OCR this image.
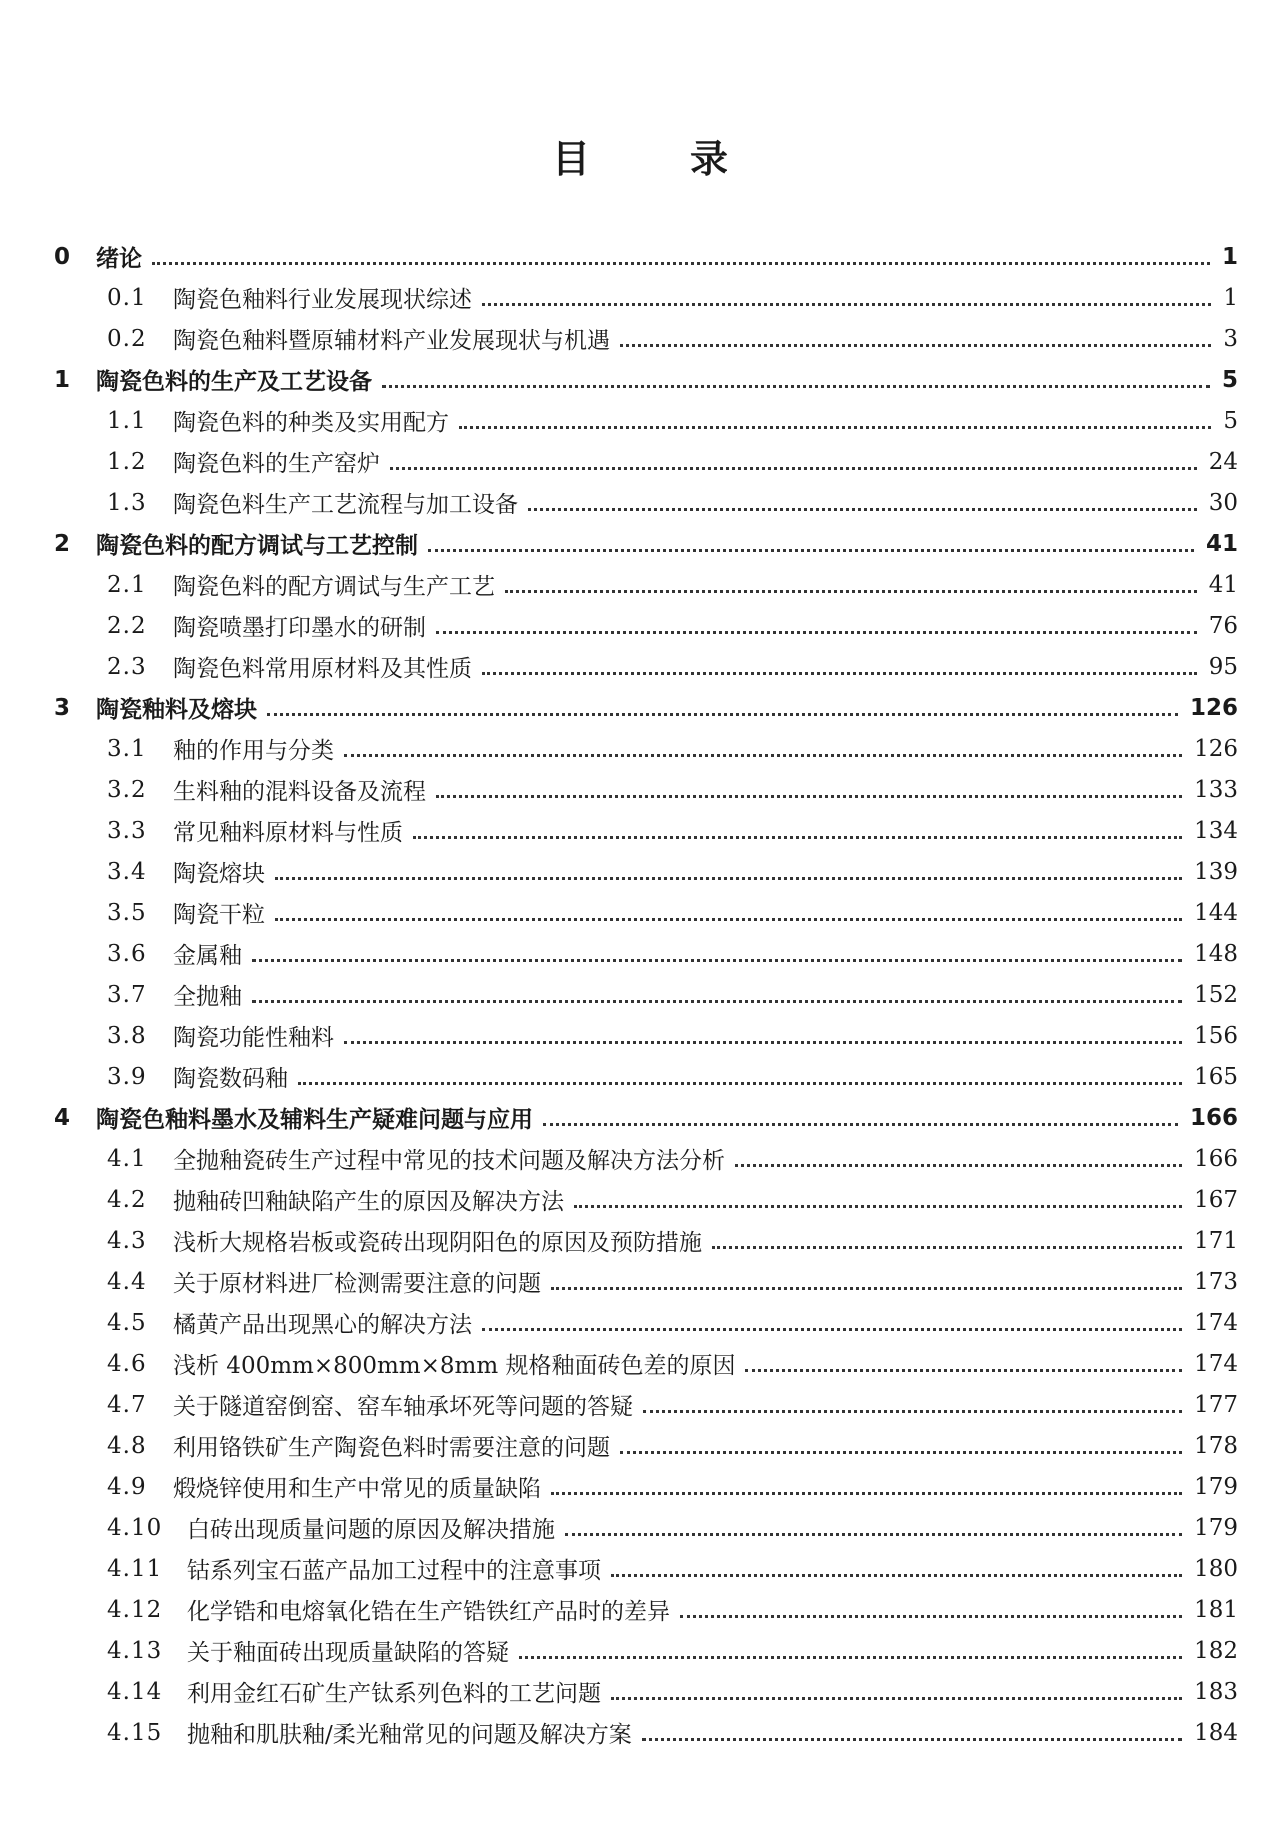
目	录
0 绪论	1
0.1 陶瓷色釉料行业发展现状综述	1
0.2 陶瓷色釉料暨原辅材料产业发展现状与机遇	3
1 陶瓷色料的生产及工艺设备	5
1.1 陶瓷色料的种类及实用配方	5
1.2 陶瓷色料的生产窑炉	24
1.3 陶瓷色料生产工艺流程与加工设备	30
2 陶瓷色料的配方调试与工艺控制	41
2.1 陶瓷色料的配方调试与生产工艺	41
2.2 陶瓷喷墨打印墨水的研制	76
2.3 陶瓷色料常用原材料及其性质	95
3 陶瓷釉料及熔块	126
3.1 釉的作用与分类	126
3.2 生料釉的混料设备及流程	133
3.3 常见釉料原材料与性质	134
3.4 陶瓷熔块	139
3.5 陶瓷干粒	144
3.6 金属釉	148
3.7 全抛釉	152
3.8 陶瓷功能性釉料	156
3.9 陶瓷数码釉	165
4 陶瓷色釉料墨水及辅料生产疑难问题与应用	166
4.1 全抛釉瓷砖生产过程中常见的技术问题及解决方法分析	166
4.2 抛釉砖凹釉缺陷产生的原因及解决方法	167
4.3 浅析大规格岩板或瓷砖出现阴阳色的原因及预防措施	171
4.4 关于原材料进厂检测需要注意的问题	173
4.5 橘黄产品出现黑心的解决方法	174
4.6 浅析 400mm×800mm×8mm 规格釉面砖色差的原因	174
4.7 关于隧道窑倒窑、窑车轴承坏死等问题的答疑	177
4.8 利用铬铁矿生产陶瓷色料时需要注意的问题	178
4.9 煅烧锌使用和生产中常见的质量缺陷	179
4.10 白砖出现质量问题的原因及解决措施	179
4.11 钴系列宝石蓝产品加工过程中的注意事项	180
4.12 化学锆和电熔氧化锆在生产锆铁红产品时的差异	181
4.13 关于釉面砖出现质量缺陷的答疑	182
4.14 利用金红石矿生产钛系列色料的工艺问题	183
4.15 抛釉和肌肤釉/柔光釉常见的问题及解决方案	184
